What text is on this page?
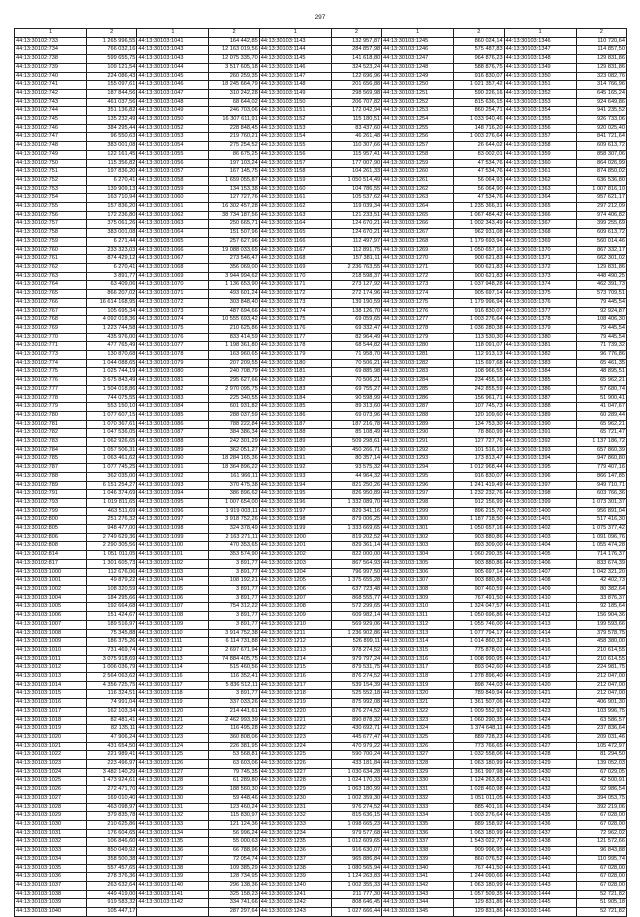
297
1	2	1	2	1	2	1	2	1	2
44:13:30102:733	1 265 996,55	44:13:30103:1041	164 442,85	44:13:30103:1143	132 957,87	44:13:30103:1245	860 024,14	44:13:30103:1346	110 720,64
44:13:30102:734	766 032,16	44:13:30103:1043	12 163 019,56	44:13:30103:1144	284 857,98	44:13:30103:1246	575 487,83	44:13:30103:1347	114 857,50
44:13:30102:738	599 655,75	44:13:30103:1043	12 075 335,70	44:13:30103:1145	141 618,80	44:13:30103:1247	964 876,23	44:13:30103:1348	129 831,86
44:13:30102:739	109 121,54	44:13:30103:1044	3 517 605,18	44:13:30103:1146	324 523,24	44:13:30103:1248	588 876,75	44:13:30103:1349	129 831,86
44:13:30102:740	224 086,43	44:13:30103:1045	260 259,35	44:13:30103:1147	122 696,96	44:13:30103:1249	916 830,07	44:13:30103:1350	323 082,76
44:13:30102:741	155 097,61	44:13:30103:1046	18 245 664,79	44:13:30103:1148	201 656,88	44:13:30103:1250	1 021 357,42	44:13:30103:1351	314 766,96
44:13:30102:742	187 844,56	44:13:30103:1047	310 242,28	44:13:30103:1149	298 569,98	44:13:30103:1251	590 226,16	44:13:30103:1352	645 165,24
44:13:30102:743	461 037,56	44:13:30103:1048	68 644,02	44:13:30103:1150	206 707,82	44:13:30103:1252	815 636,15	44:13:30103:1353	924 649,86
44:13:30102:744	351 136,82	44:13:30103:1049	246 703,06	44:13:30103:1151	172 042,94	44:13:30103:1253	860 254,71	44:13:30103:1354	941 235,52
44:13:30102:745	135 232,49	44:13:30103:1050	16 307 611,91	44:13:30103:1152	115 180,51	44:13:30103:1254	1 033 940,46	44:13:30103:1355	926 733,06
44:13:30102:746	384 295,44	44:13:30103:1052	228 848,45	44:13:30103:1153	83 437,60	44:13:30103:1255	148 716,20	44:13:30103:1356	920 025,40
44:13:30102:747	96 550,63	44:13:30103:1053	219 760,21	44:13:30103:1154	46 261,48	44:13:30103:1256	1 003 276,64	44:13:30103:1357	841 721,64
44:13:30102:748	383 001,08	44:13:30103:1054	275 254,52	44:13:30103:1155	110 307,66	44:13:30103:1257	26 644,02	44:13:30103:1358	609 613,72
44:13:30102:749	122 161,45	44:13:30103:1055	86 675,25	44:13:30103:1156	115 957,41	44:13:30103:1258	83 002,01	44:13:30103:1359	858 307,06
44:13:30102:750	115 356,82	44:13:30103:1056	197 103,24	44:13:30103:1157	177 007,90	44:13:30103:1259	47 534,76	44:13:30103:1360	864 026,99
44:13:30102:751	197 836,20	44:13:30103:1057	167 145,75	44:13:30103:1158	104 261,33	44:13:30103:1260	47 534,76	44:13:30103:1361	874 850,02
44:13:30102:752	6 270,41	44:13:30103:1058	1 659 055,87	44:13:30103:1159	1 050 514,49	44:13:30103:1261	56 064,93	44:13:30103:1362	636 536,80
44:13:30102:753	139 909,13	44:13:30103:1059	134 153,38	44:13:30103:1160	104 786,55	44:13:30103:1262	56 064,90	44:13:30103:1363	1 007 816,10
44:13:30102:754	163 710,94	44:13:30103:1060	127 727,76	44:13:30103:1161	105 537,62	44:13:30103:1263	47 534,76	44:13:30103:1364	957 621,17
44:13:30102:755	157 836,20	44:13:30103:1061	16 302 457,28	44:13:30103:1162	119 039,34	44:13:30103:1264	1 235 366,31	44:13:30103:1365	297 212,09
44:13:30102:756	172 236,80	44:13:30103:1062	38 734 187,56	44:13:30103:1163	121 233,51	44:13:30103:1265	1 067 484,42	44:13:30103:1366	974 406,82
44:13:30102:757	375 061,26	44:13:30103:1063	250 665,71	44:13:30103:1164	124 670,21	44:13:30103:1266	1 002 343,49	44:13:30103:1367	399 255,69
44:13:30102:758	383 001,08	44:13:30103:1064	151 507,96	44:13:30103:1165	124 670,21	44:13:30103:1267	962 931,08	44:13:30103:1368	609 613,72
44:13:30102:759	6 271,44	44:13:30103:1065	257 627,96	44:13:30103:1166	112 497,97	44:13:30103:1268	1 179 693,94	44:13:30103:1369	560 014,46
44:13:30102:760	233 323,03	44:13:30103:1066	19 088 033,65	44:13:30103:1167	112 891,75	44:13:30103:1269	1 050 657,16	44:13:30103:1370	867 332,17
44:13:30102:761	874 429,12	44:13:30103:1067	273 546,47	44:13:30103:1168	157 381,11	44:13:30103:1270	900 621,83	44:13:30103:1371	662 301,02
44:13:30102:762	6 270,41	44:13:30103:1068	356 069,00	44:13:30103:1169	2 236 763,55	44:13:30103:1271	900 621,83	44:13:30103:1372	129 831,86
44:13:30102:763	3 891,77	44:13:30103:1069	3 944 994,62	44:13:30103:1170	218 598,37	44:13:30103:1272	900 621,83	44:13:30103:1373	448 490,25
44:13:30102:764	63 409,06	44:13:30103:1070	1 136 653,90	44:13:30103:1171	273 127,92	44:13:30103:1273	1 037 948,28	44:13:30103:1374	462 391,73
44:13:30102:765	866 207,02	44:13:30103:1071	493 601,24	44:13:30103:1172	272 174,96	44:13:30103:1274	905 697,14	44:13:30103:1375	573 709,51
44:13:30102:766	16 614 168,95	44:13:30103:1072	303 848,40	44:13:30103:1173	139 190,59	44:13:30103:1275	1 179 996,94	44:13:30103:1376	79 445,54
44:13:30102:767	105 695,34	44:13:30103:1073	487 694,66	44:13:30103:1174	138 126,70	44:13:30103:1276	916 830,07	44:13:30103:1377	92 924,87
44:13:30102:768	4 092 018,36	44:13:30103:1074	10 555 693,42	44:13:30103:1175	69 059,65	44:13:30103:1277	1 003 276,64	44:13:30103:1378	108 406,30
44:13:30102:769	1 223 744,58	44:13:30103:1075	210 625,86	44:13:30103:1176	69 332,47	44:13:30103:1278	1 036 280,38	44:13:30103:1379	79 445,54
44:13:30102:770	435 976,00	44:13:30103:1076	833 414,59	44:13:30103:1177	82 964,49	44:13:30103:1279	113 530,30	44:13:30103:1380	79 445,54
44:13:30102:771	477 765,49	44:13:30103:1077	1 198 361,80	44:13:30103:1178	68 544,82	44:13:30103:1280	118 091,07	44:13:30103:1381	71 739,32
44:13:30102:773	130 870,68	44:13:30103:1078	163 960,65	44:13:30103:1179	71 958,70	44:13:30103:1281	112 913,13	44:13:30103:1382	96 776,86
44:13:30102:774	1 044 088,65	44:13:30103:1079	207 209,55	44:13:30103:1180	70 506,21	44:13:30103:1282	115 697,68	44:13:30103:1383	65 461,35
44:13:30102:775	1 025 744,19	44:13:30103:1080	240 708,79	44:13:30103:1181	69 885,98	44:13:30103:1283	108 966,55	44:13:30103:1384	48 895,51
44:13:30102:776	3 675 843,49	44:13:30103:1081	295 627,66	44:13:30103:1182	70 506,21	44:13:30103:1284	234 455,18	44:13:30103:1385	65 962,21
44:13:30102:777	1 504 018,86	44:13:30103:1082	2 970 095,75	44:13:30103:1183	69 755,27	44:13:30103:1285	242 855,59	44:13:30103:1386	57 680,74
44:13:30102:778	744 075,55	44:13:30103:1083	225 340,55	44:13:30103:1184	90 598,99	44:13:30103:1286	156 961,71	44:13:30103:1387	51 900,41
44:13:30102:779	553 150,10	44:13:30103:1084	601 931,82	44:13:30103:1185	89 313,60	44:13:30103:1287	107 745,73	44:13:30103:1388	41 047,67
44:13:30102:780	1 077 607,15	44:13:30103:1085	288 037,59	44:13:30103:1186	69 073,96	44:13:30103:1288	120 109,60	44:13:30103:1389	60 289,44
44:13:30102:781	1 070 367,61	44:13:30103:1086	788 222,84	44:13:30103:1187	187 216,78	44:13:30103:1289	134 753,30	44:13:30103:1390	65 962,21
44:13:30102:782	1 047 536,05	44:13:30103:1087	384 386,34	44:13:30103:1188	85 108,49	44:13:30103:1290	78 860,99	44:13:30103:1391	65 721,47
44:13:30102:783	1 062 926,65	44:13:30103:1088	242 301,29	44:13:30103:1189	509 298,61	44:13:30103:1291	127 727,76	44:13:30103:1392	1 137 186,72
44:13:30102:784	1 057 506,31	44:13:30103:1089	362 051,27	44:13:30103:1190	450 266,71	44:13:30103:1292	101 516,19	44:13:30103:1393	657 860,39
44:13:30102:785	1 063 461,62	44:13:30103:1090	18 284 165,36	44:13:30103:1191	80 357,14	44:13:30103:1293	173 813,47	44:13:30103:1394	947 860,80
44:13:30102:787	1 077 745,25	44:13:30103:1091	18 364 896,22	44:13:30103:1192	93 575,32	44:13:30103:1294	1 012 968,44	44:13:30103:1395	779 407,16
44:13:30102:788	362 035,00	44:13:30103:1092	161 966,11	44:13:30103:1193	44 964,32	44:13:30103:1295	916 830,07	44:13:30103:1396	866 147,85
44:13:30102:789	6 151 254,27	44:13:30103:1093	370 475,38	44:13:30103:1194	821 250,26	44:13:30103:1296	1 241 419,49	44:13:30103:1397	949 710,71
44:13:30102:791	1 046 374,69	44:13:30103:1094	386 896,62	44:13:30103:1195	826 950,89	44:13:30103:1297	1 232 232,76	44:13:30103:1398	603 766,36
44:13:30102:793	1 019 811,65	44:13:30103:1095	1 007 654,00	44:13:30103:1196	1 332 089,70	44:13:30103:1298	912 156,99	44:13:30103:1399	1 073 301,37
44:13:30102:799	463 511,69	44:13:30103:1096	1 919 003,11	44:13:30103:1197	829 341,16	44:13:30103:1299	896 215,70	44:13:30103:1400	956 891,04
44:13:30102:800	251 276,32	44:13:30103:1097	3 918 752,26	44:13:30103:1198	879 006,25	44:13:30103:1300	1 187 718,50	44:13:30103:1401	517 416,30
44:13:30102:805	948 477,00	44:13:30103:1098	324 378,49	44:13:30103:1199	1 333 669,65	44:13:30103:1301	1 050 657,16	44:13:30103:1402	1 075 377,42
44:13:30102:806	2 749 629,36	44:13:30103:1099	2 163 271,11	44:13:30103:1200	819 202,52	44:13:30103:1302	903 880,86	44:13:30103:1403	1 091 096,76
44:13:30102:808	2 290 305,56	44:13:30103:1100	470 353,65	44:13:30103:1201	829 361,14	44:13:30103:1303	893 309,00	44:13:30103:1404	1 055 474,28
44:13:30102:814	1 051 011,05	44:13:30103:1101	353 574,90	44:13:30103:1202	822 000,00	44:13:30103:1304	1 060 290,35	44:13:30103:1405	714 176,37
44:13:30102:817	1 301 605,73	44:13:30103:1102	3 891,77	44:13:30103:1203	867 564,93	44:13:30103:1305	903 880,86	44:13:30103:1406	833 674,39
44:13:30103:1000	112 676,06	44:13:30103:1103	3 891,77	44:13:30103:1204	796 997,50	44:13:30103:1306	905 697,14	44:13:30103:1407	1 042 321,20
44:13:30103:1001	49 879,22	44:13:30103:1104	108 192,21	44:13:30103:1205	1 375 655,28	44:13:30103:1307	903 880,86	44:13:30103:1408	42 402,73
44:13:30103:1002	108 320,59	44:13:30103:1105	3 891,77	44:13:30103:1206	637 723,48	44:13:30103:1308	907 460,59	44:13:30103:1409	80 382,64
44:13:30103:1004	184 295,66	44:13:30103:1106	3 891,77	44:13:30103:1207	868 555,77	44:13:30103:1309	767 491,50	44:13:30103:1410	33 876,37
44:13:30103:1005	192 664,68	44:13:30103:1107	754 312,22	44:13:30103:1208	572 299,65	44:13:30103:1310	1 324 047,57	44:13:30103:1411	92 185,64
44:13:30103:1006	151 424,67	44:13:30103:1108	3 891,77	44:13:30103:1209	609 982,14	44:13:30103:1311	1 050 696,86	44:13:30103:1412	156 904,36
44:13:30103:1007	189 516,97	44:13:30103:1109	3 891,77	44:13:30103:1210	569 929,06	44:13:30103:1312	1 055 746,00	44:13:30103:1413	199 593,66
44:13:30103:1008	75 345,88	44:13:30103:1110	3 914 752,38	44:13:30103:1211	1 236 902,86	44:13:30103:1313	1 077 794,17	44:13:30103:1414	379 578,75
44:13:30103:1009	186 375,26	44:13:30103:1111	6 114 731,88	44:13:30103:1212	526 899,11	44:13:30103:1314	1 014 860,32	44:13:30103:1415	458 380,00
44:13:30103:1010	731 469,74	44:13:30103:1112	2 697 671,94	44:13:30103:1213	978 274,52	44:13:30103:1315	775 878,01	44:13:30103:1416	210 614,55
44:13:30103:1011	3 075 918,69	44:13:30103:1113	74 884 405,75	44:13:30103:1214	979 797,24	44:13:30103:1316	1 008 990,95	44:13:30103:1417	210 614,55
44:13:30103:1012	1 006 036,79	44:13:30103:1114	515 460,56	44:13:30103:1215	879 531,75	44:13:30103:1317	893 042,60	44:13:30103:1418	224 981,75
44:13:30103:1013	2 564 063,62	44:13:30103:1116	116 352,41	44:13:30103:1216	876 274,52	44:13:30103:1318	1 278 896,40	44:13:30103:1419	212 047,00
44:13:30103:1014	4 356 725,75	44:13:30103:1117	5 836 512,11	44:13:30103:1217	539 154,39	44:13:30103:1319	898 744,03	44:13:30103:1420	212 047,00
44:13:30103:1015	116 324,51	44:13:30103:1118	3 891,77	44:13:30103:1218	525 552,18	44:13:30103:1320	789 849,94	44:13:30103:1421	212 047,00
44:13:30103:1016	74 991,04	44:13:30103:1119	337 033,26	44:13:30103:1219	875 992,08	44:13:30103:1321	1 361 507,06	44:13:30103:1422	406 901,30
44:13:30103:1017	162 103,34	44:13:30103:1120	214 441,61	44:13:30103:1220	876 274,52	44:13:30103:1322	1 009 552,92	44:13:30103:1423	103 996,75
44:13:30103:1018	82 481,41	44:13:30103:1121	2 462 993,39	44:13:30103:1221	890 878,32	44:13:30103:1323	1 060 290,35	44:13:30103:1424	63 586,57
44:13:30103:1019	82 135,11	44:13:30103:1122	116 495,28	44:13:30103:1222	430 692,71	44:13:30103:1324	1 374 648,11	44:13:30103:1425	237 836,64
44:13:30103:1020	47 906,24	44:13:30103:1123	360 808,06	44:13:30103:1223	445 677,47	44:13:30103:1325	889 728,23	44:13:30103:1426	209 031,46
44:13:30103:1021	431 654,50	44:13:30103:1124	226 381,95	44:13:30103:1224	470 979,22	44:13:30103:1326	773 766,65	44:13:30103:1427	105 472,97
44:13:30103:1022	221 989,41	44:13:30103:1125	53 568,81	44:13:30103:1225	590 700,24	44:13:30103:1327	1 032 558,06	44:13:30103:1428	81 294,50
44:13:30103:1023	223 496,97	44:13:30103:1126	63 603,06	44:13:30103:1226	433 181,84	44:13:30103:1328	1 063 180,99	44:13:30103:1429	139 052,03
44:13:30103:1024	3 482 140,29	44:13:30103:1127	79 745,35	44:13:30103:1227	1 030 634,28	44:13:30103:1329	1 361 997,98	44:13:30103:1430	67 029,05
44:13:30103:1025	1 473 924,61	44:13:30103:1128	61 289,80	44:13:30103:1228	1 024 170,33	44:13:30103:1330	1 124 263,83	44:13:30103:1431	42 500,91
44:13:30103:1026	272 471,70	44:13:30103:1129	188 560,30	44:13:30103:1229	1 063 180,99	44:13:30103:1331	1 028 460,98	44:13:30103:1432	92 986,54
44:13:30103:1027	169 010,40	44:13:30103:1130	59 448,46	44:13:30103:1230	1 002 359,30	44:13:30103:1332	1 051 011,05	44:13:30103:1433	394 053,75
44:13:30103:1028	463 098,97	44:13:30103:1131	123 460,24	44:13:30103:1231	976 274,52	44:13:30103:1333	885 401,16	44:13:30103:1434	392 219,06
44:13:30103:1029	379 835,78	44:13:30103:1132	115 830,97	44:13:30103:1232	815 636,15	44:13:30103:1334	1 003 276,64	44:13:30103:1435	67 028,00
44:13:30103:1030	210 625,86	44:13:30103:1133	121 124,36	44:13:30103:1233	1 098 665,23	44:13:30103:1335	889 158,92	44:13:30103:1436	67 028,00
44:13:30103:1031	176 604,65	44:13:30103:1134	56 996,24	44:13:30103:1234	979 577,68	44:13:30103:1336	1 063 180,99	44:13:30103:1437	72 962,02
44:13:30103:1032	106 846,60	44:13:30103:1135	55 000,63	44:13:30103:1235	1 012 609,65	44:13:30103:1337	1 543 022,77	44:13:30103:1438	121 572,66
44:13:30103:1033	850 049,92	44:13:30103:1136	66 788,96	44:13:30103:1236	916 630,07	44:13:30103:1338	909 996,95	44:13:30103:1439	96 843,88
44:13:30103:1034	358 500,38	44:13:30103:1137	72 054,74	44:13:30103:1237	965 886,84	44:13:30103:1339	860 076,52	44:13:30103:1440	110 995,74
44:13:30103:1035	557 457,65	44:13:30103:1138	109 385,29	44:13:30103:1238	1 080 565,94	44:13:30103:1340	767 441,50	44:13:30103:1441	67 028,00
44:13:30103:1036	278 376,36	44:13:30103:1139	128 734,95	44:13:30103:1239	1 124 263,83	44:13:30103:1341	1 244 090,66	44:13:30103:1442	67 028,00
44:13:30103:1037	263 632,64	44:13:30103:1140	296 138,36	44:13:30103:1240	1 002 355,33	44:13:30103:1342	1 063 180,99	44:13:30103:1443	67 028,00
44:13:30103:1038	449 419,00	44:13:30103:1141	325 158,23	44:13:30103:1241	211 777,30	44:13:30103:1343	1 057 509,35	44:13:30103:1444	52 721,82
44:13:30103:1039	919 583,32	44:13:30103:1142	334 741,66	44:13:30103:1242	808 646,45	44:13:30103:1344	129 831,86	44:13:30103:1445	51 905,18
44:13:30103:1040	105 447,17		287 297,64	44:13:30103:1243	1 027 666,44	44:13:30103:1345	129 831,86	44:13:30103:1446	52 721,82
